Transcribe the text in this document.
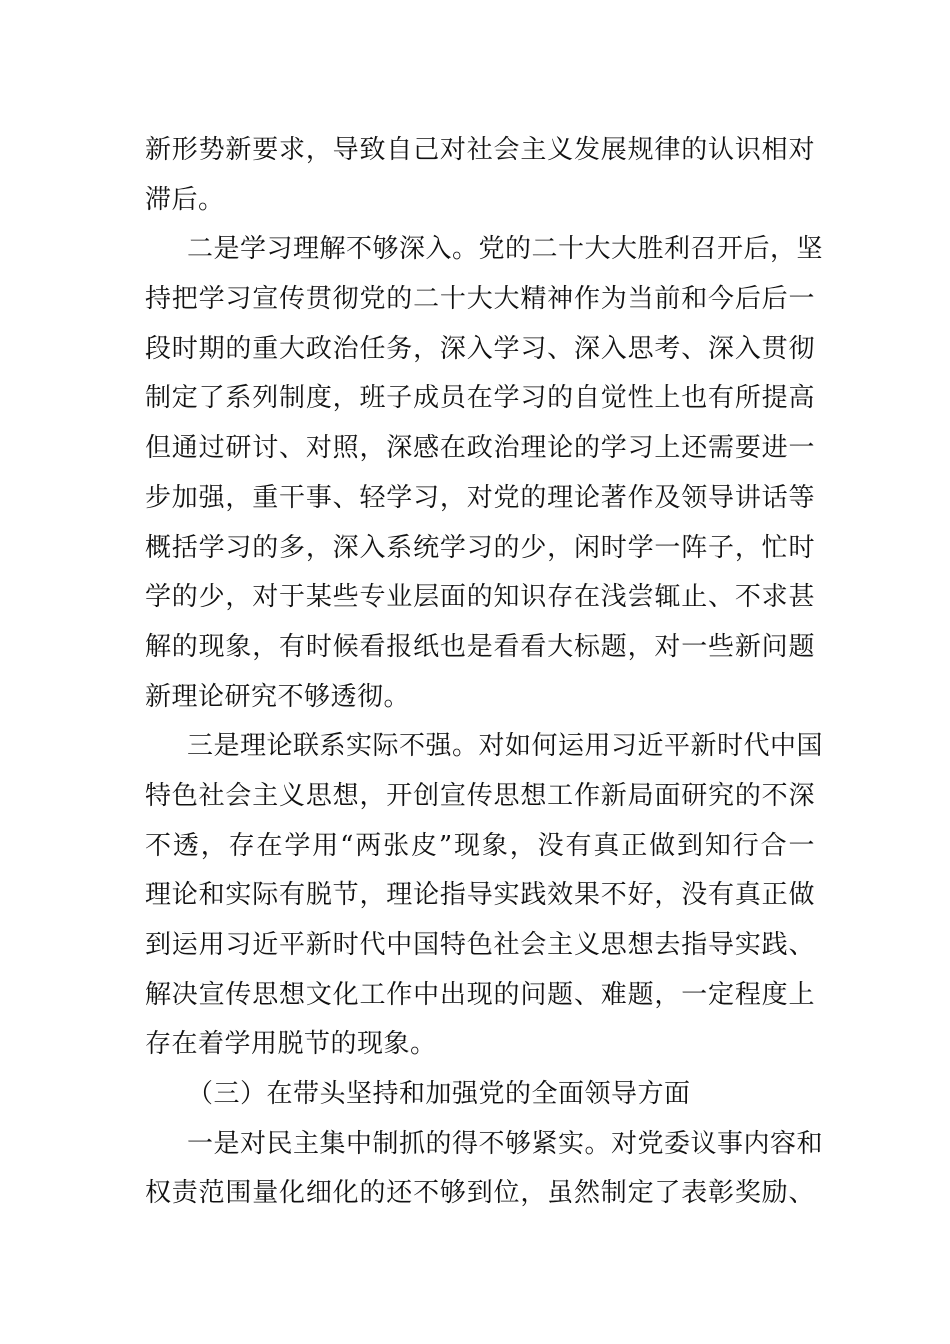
新形势新要求，导致自己对社会主义发展规律的认识相对
滞后。
二是学习理解不够深入。党的二十大大胜利召开后，坚
持把学习宣传贯彻党的二十大大精神作为当前和今后后一
段时期的重大政治任务，深入学习、深入思考、深入贯彻
制定了系列制度，班子成员在学习的自觉性上也有所提高
但通过研讨、对照，深感在政治理论的学习上还需要进一
步加强，重干事、轻学习，对党的理论著作及领导讲话等
概括学习的多，深入系统学习的少，闲时学一阵子，忙时
学的少，对于某些专业层面的知识存在浅尝辄止、不求甚
解的现象，有时候看报纸也是看看大标题，对一些新问题
新理论研究不够透彻。
三是理论联系实际不强。对如何运用习近平新时代中国
特色社会主义思想，开创宣传思想工作新局面研究的不深
不透，存在学用“两张皮”现象，没有真正做到知行合一
理论和实际有脱节，理论指导实践效果不好，没有真正做
到运用习近平新时代中国特色社会主义思想去指导实践、
解决宣传思想文化工作中出现的问题、难题，一定程度上
存在着学用脱节的现象。
（三）在带头坚持和加强党的全面领导方面
一是对民主集中制抓的得不够紧实。对党委议事内容和
权责范围量化细化的还不够到位，虽然制定了表彰奖励、
